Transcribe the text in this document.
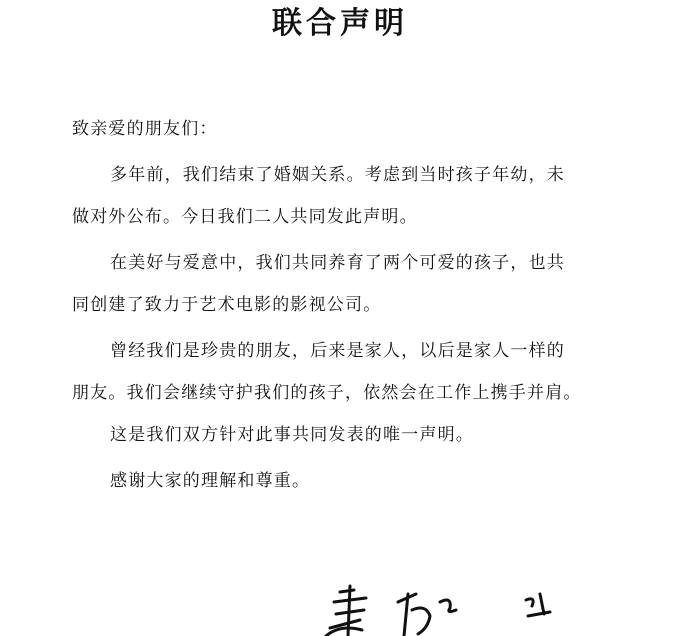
联合声明
致亲爱的朋友们：
多年前，我们结束了婚姻关系。考虑到当时孩子年幼，未
做对外公布。今日我们二人共同发此声明。
在美好与爱意中，我们共同养育了两个可爱的孩子，也共
同创建了致力于艺术电影的影视公司。
曾经我们是珍贵的朋友，后来是家人，以后是家人一样的
朋友。我们会继续守护我们的孩子，依然会在工作上携手并肩。
这是我们双方针对此事共同发表的唯一声明。
感谢大家的理解和尊重。
